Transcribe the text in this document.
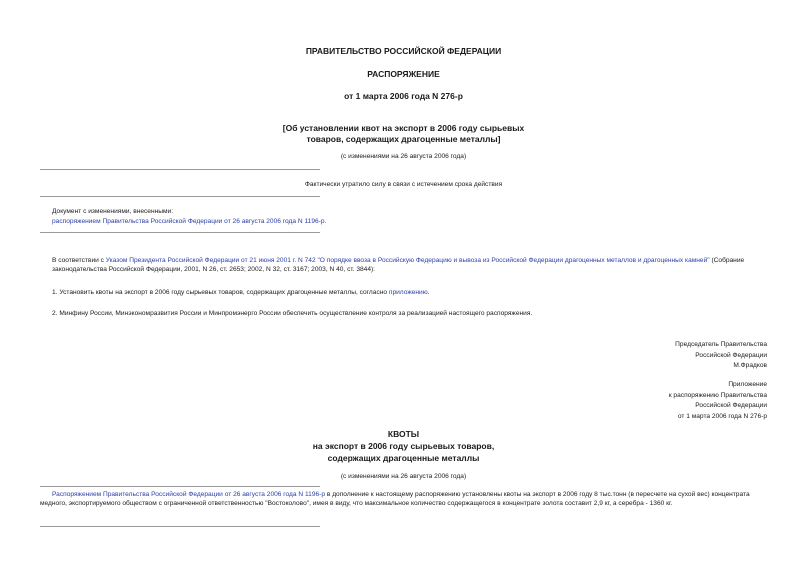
ПРАВИТЕЛЬСТВО РОССИЙСКОЙ ФЕДЕРАЦИИ
РАСПОРЯЖЕНИЕ
от 1 марта 2006 года N 276-р
[Об установлении квот на экспорт в 2006 году сырьевых
товаров, содержащих драгоценные металлы]
(с изменениями на 26 августа 2006 года)
Фактически утратило силу в связи с истечением срока действия
Документ с изменениями, внесенными:
распоряжением Правительства Российской Федерации от 26 августа 2006 года N 1196-р.
В соответствии с Указом Президента Российской Федерации от 21 июня 2001 г. N 742 "О порядке ввоза в Российскую Федерацию и вывоза из Российской Федерации драгоценных металлов и драгоценных камней" (Собрание законодательства Российской Федерации, 2001, N 26, ст. 2653; 2002, N 32, ст. 3167; 2003, N 40, ст. 3844):
1. Установить квоты на экспорт в 2006 году сырьевых товаров, содержащих драгоценные металлы, согласно приложению.
2. Минфину России, Минэкономразвития России и Минпромэнерго России обеспечить осуществление контроля за реализацией настоящего распоряжения.
Председатель Правительства
Российской Федерации
М.Фрадков
Приложение
к распоряжению Правительства
Российской Федерации
от 1 марта 2006 года N 276-р
КВОТЫ
на экспорт в 2006 году сырьевых товаров,
содержащих драгоценные металлы
(с изменениями на 26 августа 2006 года)
Распоряжением Правительства Российской Федерации от 26 августа 2006 года N 1196-р в дополнение к настоящему распоряжению установлены квоты на экспорт в 2006 году 8 тыс.тонн (в пересчете на сухой вес) концентрата медного, экспортируемого обществом с ограниченной ответственностью "Востоколово", имея в виду, что максимальное количество содержащегося в концентрате золота составит 2,9 кг, а серебра - 1360 кг.
